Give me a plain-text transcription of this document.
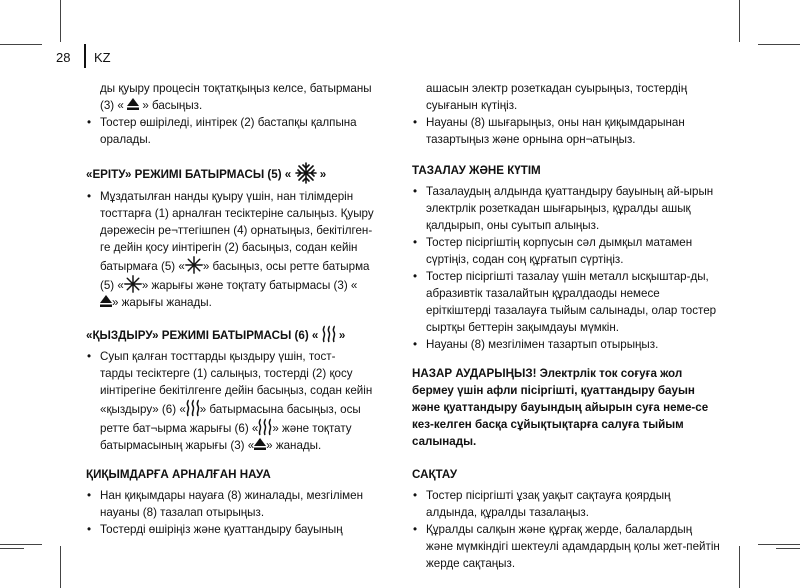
28 KZ

ды қуыру процесін тоқтатқыңыз келсе, батырманы

(3) « » басыңыз.

• Тостер өшіріледі, иінтірек (2) бастапқы қалпына оралады.

«ЕРІТУ» РЕЖИМІ БАТЫРМАСЫ (5) « »

• Мұздатылған нанды қуыру үшін, нан тілімдерін
тосттарға (1) арналған тесіктеріне салыңыз. Қуыру
дәрежесін ре¬ттегішпен (4) орнатыңыз, бекітілген-
ге дейін қосу иінтірегін (2) басыңыз, содан кейін
батырмаға (5) « » басыңыз, осы ретте батырма
(5) « » жарығы және тоқтату батырмасы (3) «
» жарығы жанады.

«ҚЫЗДЫРУ» РЕЖИМІ БАТЫРМАСЫ (6) « »

• Суып қалған тосттарды қыздыру үшін, тост-
тарды тесіктерге (1) салыңыз, тостерді (2) қосу
иінтірегіне бекітілгенге дейін басыңыз, содан кейін
«қыздыру» (6) « » батырмасына басыңыз, осы
ретте бат¬ырма жарығы (6) « » және тоқтату
батырмасының жарығы (3) « » жанады.

ҚИҚЫМДАРҒА АРНАЛҒАН НАУА

• Нан қиқымдары науаға (8) жиналады, мезгілімен науаны (8) тазалап отырыңыз.
• Тостерді өшіріңіз және қуаттандыру бауының

ашасын электр розеткадан суырыңыз, тостердің суығанын күтіңіз.

• Науаны (8) шығарыңыз, оны нан қиқымдарынан тазартыңыз және орнына орн¬атыңыз.

ТАЗАЛАУ ЖӘНЕ КҮТІМ

• Тазалаудың алдында қуаттандыру бауының ай-ырын электрлік розеткадан шығарыңыз, құралды ашық қалдырып, оны суытып алыңыз.
• Тостер пісіргіштің корпусын сәл дымқыл матамен сүртіңіз, содан соң құрғатып сүртіңіз.
• Тостер пісіргішті тазалау үшін металл ысқыштар-ды, абразивтік тазалайтын құралдаоды немесе еріткіштерді тазалауға тыйым салынады, олар тостер сыртқы беттерін зақымдауы мүмкін.
• Науаны (8) мезгілімен тазартып отырыңыз.

НАЗАР АУДАРЫҢЫЗ! Электрлік ток соғуға жол бермеу үшін афли пісіргішті, қуаттандыру бауын және қуаттандыру бауындың айырын суға неме-се кез-келген басқа сұйықтықтарға салуға тыйым салынады.

САҚТАУ

• Тостер пісіргішті ұзақ уақыт сақтауға қоярдың алдында, құралды тазалаңыз.
• Құралды салқын және құрғақ жерде, балалардың және мүмкіндігі шектеулі адамдардың қолы жет-пейтін жерде сақтаңыз.
